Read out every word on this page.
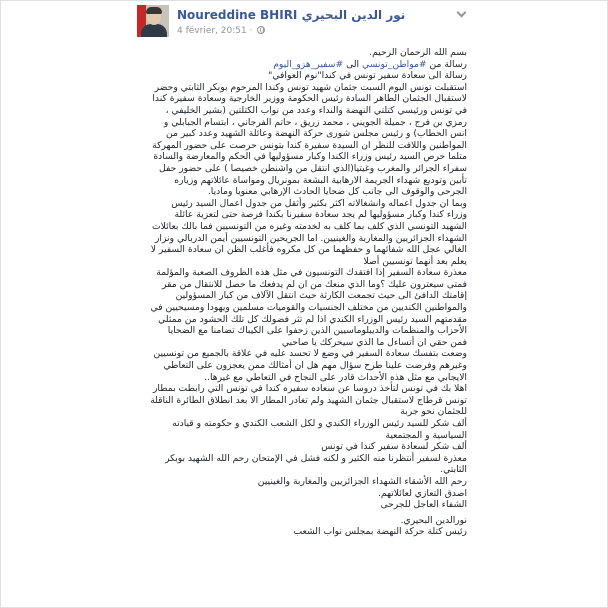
Noureddine BHIRI نور الدين البحيري
4 février, 20:51 ·

بسم الله الرحمان الرحيم.

رسالة من #مواطن_تونسي الى #سفير_هزو_اليوم

رسالة الى سعادة سفير تونس في كندا"نوم العوافي"

استقبلت تونس اليوم السبت جثمان شهيد تونس وكندا المرحوم بوبكر الثابتي وحضر لاستقبال الجثمان الطاهر السادة رئيس الحكومة ووزير الخارجية وسعادة سفيرة كندا في تونس ورئيسي كتلتي النهضة والنداء وعدد من نواب الكتلتين (بشير الخليفي ، رمزي بن فرج ، جميلة الجويني ، محمد زريق ، حاتم الفرجاني ، ابتسام الجبابلي و انس الحطاب) و رئيس مجلس شورى حركة النهضة وعائلة الشهيد وعدد كبير من المواطنين واللافت للنظر ان السيدة سفيرة كندا بتونس حرصت على حضور المهركة متلما حرص السيد رئيس وزراء الكندا وكبار مسؤوليها في الحكم والمعارضة والسادة سفراء الجزائر والمغرب وغيتيا(الذي انتقل من واشنطن خصيصا ) على حضور حفل تأبين وتوديع شهداء الجريمة الارهابية البشعة بمونريال ومواساة عائلاتهم وزياره الجرحى والوقوف الى جانب كل ضحايا الحادث الإرهابي معنويا وماديا.

وبما ان جدول اعماله وانشغالاته اكثر بكثير وأثقل من جدول اعمال السيد رئيس وزراء كندا وكبار مسؤوليها لم يجد سعادة سفيرنا بكندا فرصة حتى لتعزية عائلة الشهيد التونسي الذي كلف بما كلف به لخدمته وغيره من التونسيين فما بالك بعائلات الشهداء الجزائريين والمغاربة والغينيين. اما الجريحين التونسيين أيمن الدربالي ونزار الغالي عجل الله شفائهما و حفظهما من كل مكروه فأغلب الظن ان سعادة السفير لا يعلم بعد أنهما تونسيين أصلا

معذرة سعادة السفير إذا افتقدك التونسيون في مثل هذه الظروف الصعبة والمؤلمة فمتى سيعترون عليك ؟وما الذي منعك من ان لم يدفعك ما حصل للانتقال من مقر إقامتك الدافئ الى حيث تجمعت الكارثة حيث انتقل الآلاف من كبار المسؤولين والمواطنين الكنديين من مختلف الجنسيات والقوميات مسلمين ويهودا ومسيحيين في مقدمتهم السيد رئيس الوزراء الكندي اذا لم تثر فضولك كل تلك الحشود من ممثلي الأحزاب والمنظمات والديبلوماسيين الذين زحفوا على الكيباك تضامنا مع الضحايا فمن حقي ان أتساءل ما الذي سيحركك يا صاحبي

وضعت بتفسك سعادة السفير في وضع لا تحسد عليه في علاقة بالجميع من تونسيين وغيرهم وفرضت علينا طرح سؤال مهم هل ان أمثالك ممن يعجزون على التعاطي الايجابي مع مثل هذه الأحداث قادر على النجاح في التعاطي مع غيرها..

اهلا بك في تونس لتأخذ دروسا عن سعاده سفيره كندا في تونس التي رابطت بمطار تونس قرطاج لاستقبال جثمان الشهيد ولم تغادر المطار الا بعد انطلاق الطائرة الناقلة للجثمان نحو جربة

ألف شكر للسيد رئيس الوزراء الكندي و لكل الشعب الكندي و حكومته و قيادته السياسية و المجتمعية

ألف شكر لسعادة سفير كندا في تونس

معذرة لسفير أنتظرنا منه الكثير و لكنه فشل في الإمتحان رحم الله الشهيد بوبكر الثابتي.

رحم الله الأشقاء الشهداء الجزائريين والمغاربة والغينيين

اصدق التعازي لعائلاتهم.

الشفاء العاجل للجرحى

نورالدين البحيري.

رئيس كتلة حركة النهضة بمجلس نواب الشعب
